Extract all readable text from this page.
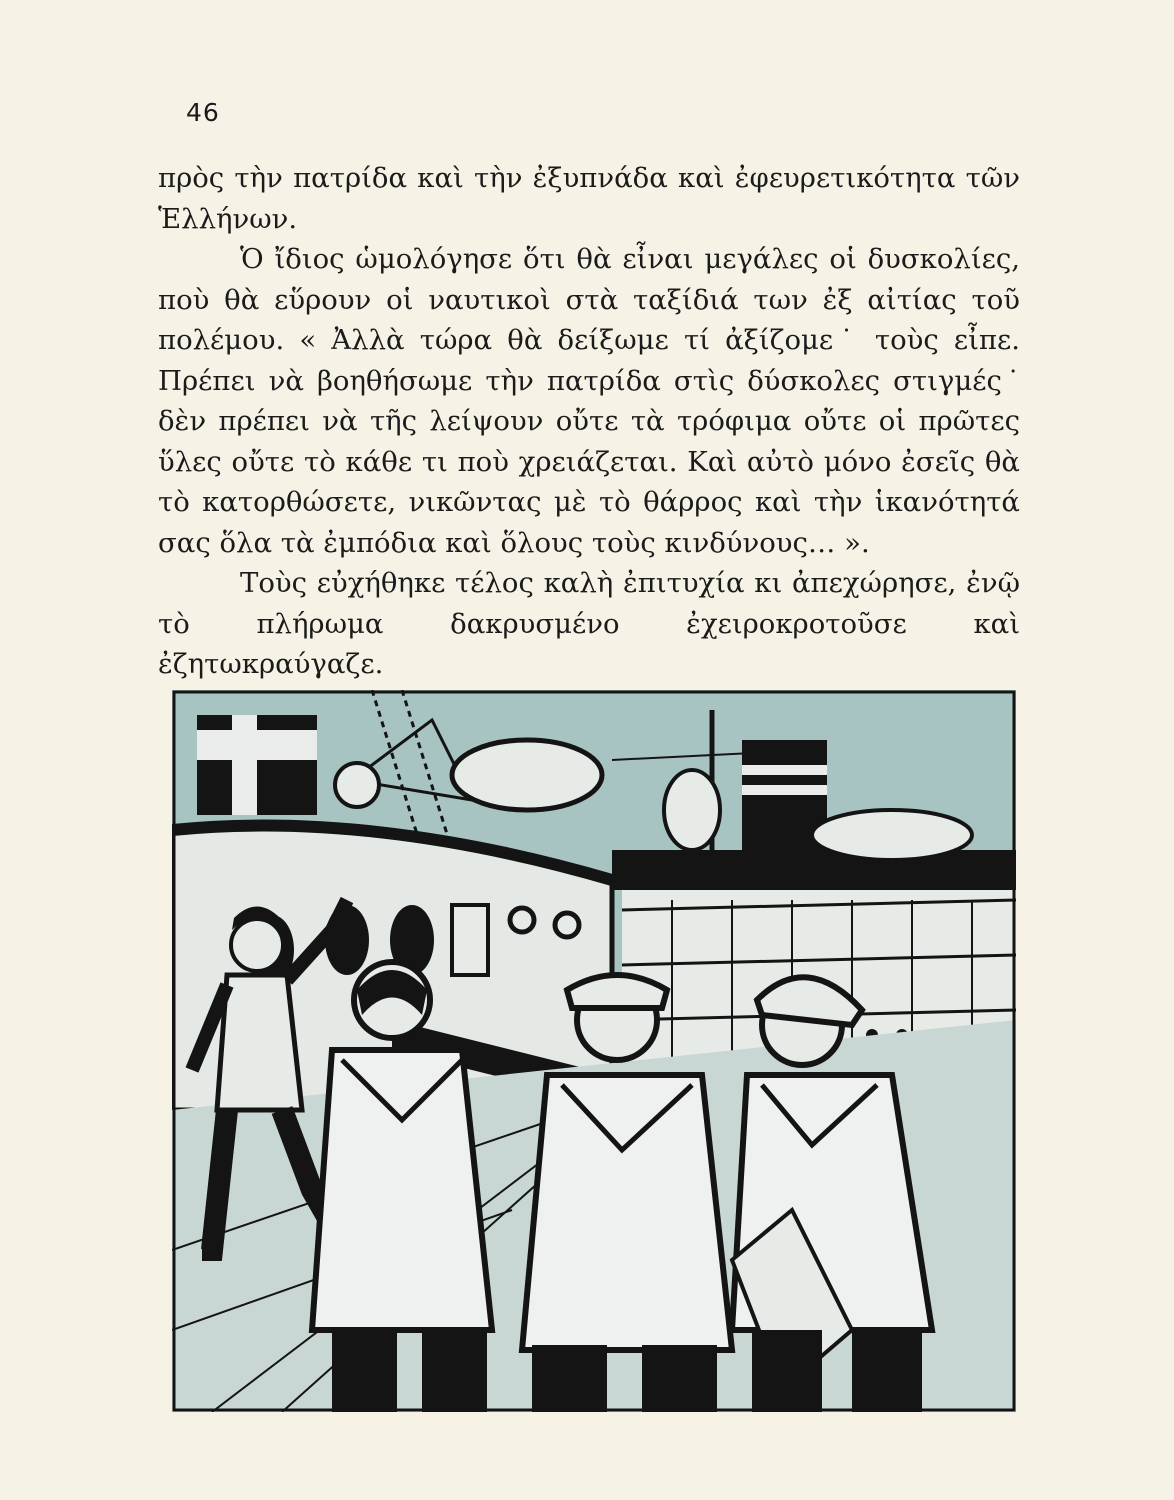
46

πρὸς τὴν πατρίδα καὶ τὴν ἐξυπνάδα καὶ ἐφευρετικότητα τῶν Ἑλλήνων.

Ὁ ἴδιος ὡμολόγησε ὅτι θὰ εἶναι μεγάλες οἱ δυσκολίες, ποὺ θὰ εὕρουν οἱ ναυτικοὶ στὰ ταξίδιά των ἐξ αἰτίας τοῦ πολέμου. « Ἀλλὰ τώρα θὰ δείξωμε τί ἀξίζομε˙ τοὺς εἶπε. Πρέπει νὰ βοηθήσωμε τὴν πατρίδα στὶς δύσκολες στιγμές˙ δὲν πρέπει νὰ τῆς λείψουν οὔτε τὰ τρόφιμα οὔτε οἱ πρῶτες ὕλες οὔτε τὸ κάθε τι ποὺ χρειάζεται. Καὶ αὐτὸ μόνο ἐσεῖς θὰ τὸ κατορθώσετε, νικῶντας μὲ τὸ θάρρος καὶ τὴν ἱκανότητά σας ὅλα τὰ ἐμπόδια καὶ ὅλους τοὺς κινδύνους… ».

Τοὺς εὐχήθηκε τέλος καλὴ ἐπιτυχία κι ἀπεχώρησε, ἐνῷ τὸ πλήρωμα δακρυσμένο ἐχειροκροτοῦσε καὶ ἐζητωκραύγαζε.
